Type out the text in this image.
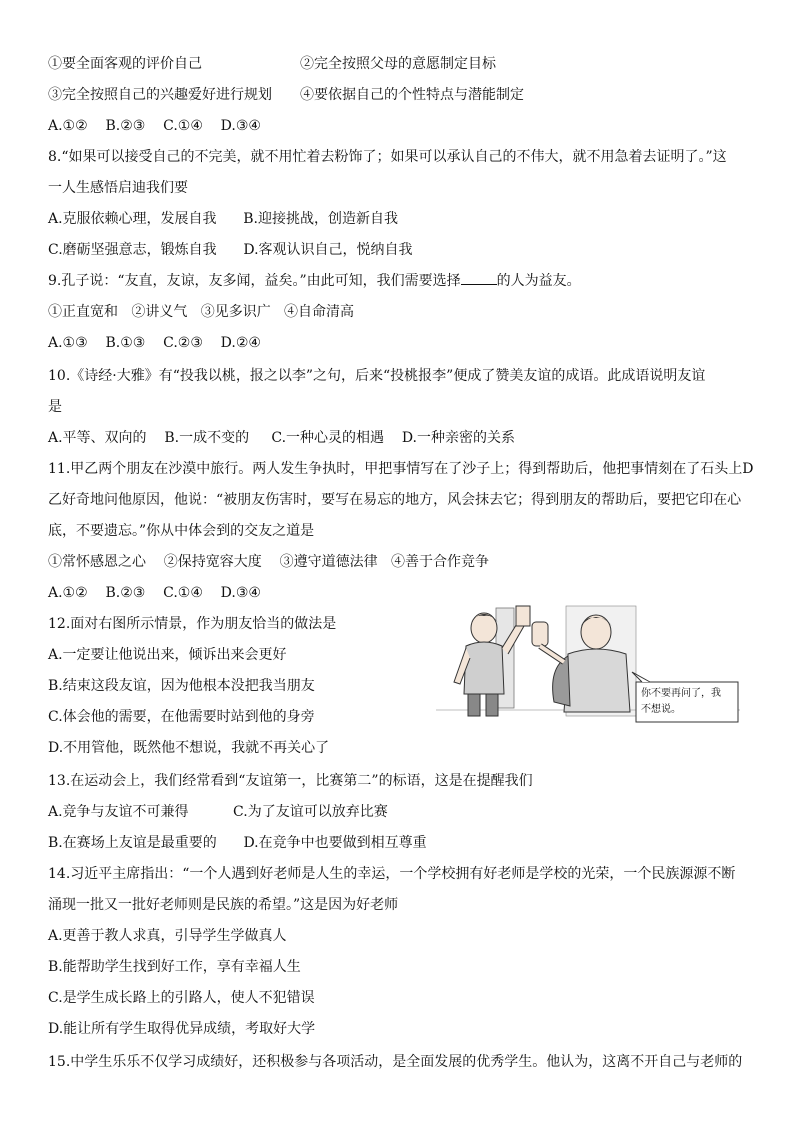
①要全面客观的评价自己	②完全按照父母的意愿制定目标
③完全按照自己的兴趣爱好进行规划 ④要依据自己的个性特点与潜能制定
A.①②    B.②③    C.①④    D.③④
8.“如果可以接受自己的不完美，就不用忙着去粉饰了；如果可以承认自己的不伟大，就不用急着去证明了。”这
一人生感悟启迪我们要
A.克服依赖心理，发展自我      B.迎接挑战，创造新自我
C.磨砺坚强意志，锻炼自我      D.客观认识自己，悦纳自我
9.孔子说：“友直，友谅，友多闻，益矣。”由此可知，我们需要选择	的人为益友。
①正直宽和   ②讲义气   ③见多识广   ④自命清高
A.①③    B.①③    C.②③    D.②④
10.《诗经·大雅》有“投我以桃，报之以李”之句，后来“投桃报李”便成了赞美友谊的成语。此成语说明友谊
是
A.平等、双向的    B.一成不变的     C.一种心灵的相遇    D.一种亲密的关系
11.甲乙两个朋友在沙漠中旅行。两人发生争执时，甲把事情写在了沙子上；得到帮助后，他把事情刻在了石头上D
乙好奇地问他原因，他说：“被朋友伤害时，要写在易忘的地方，风会抹去它；得到朋友的帮助后，要把它印在心
底，不要遗忘。”你从中体会到的交友之道是
①常怀感恩之心    ②保持宽容大度    ③遵守道德法律   ④善于合作竞争
A.①②    B.②③    C.①④    D.③④
12.面对右图所示情景，作为朋友恰当的做法是
A.一定要让他说出来，倾诉出来会更好
B.结束这段友谊，因为他根本没把我当朋友
C.体会他的需要，在他需要时站到他的身旁
D.不用管他，既然他不想说，我就不再关心了
你不要再问了，我
不想说。
13.在运动会上，我们经常看到“友谊第一，比赛第二”的标语，这是在提醒我们
A.竞争与友谊不可兼得          C.为了友谊可以放弃比赛
B.在赛场上友谊是最重要的      D.在竞争中也要做到相互尊重
14.习近平主席指出：“一个人遇到好老师是人生的幸运，一个学校拥有好老师是学校的光荣，一个民族源源不断
涌现一批又一批好老师则是民族的希望。”这是因为好老师
A.更善于教人求真，引导学生学做真人
B.能帮助学生找到好工作，享有幸福人生
C.是学生成长路上的引路人，使人不犯错误
D.能让所有学生取得优异成绩，考取好大学
15.中学生乐乐不仅学习成绩好，还积极参与各项活动，是全面发展的优秀学生。他认为，这离不开自己与老师的
